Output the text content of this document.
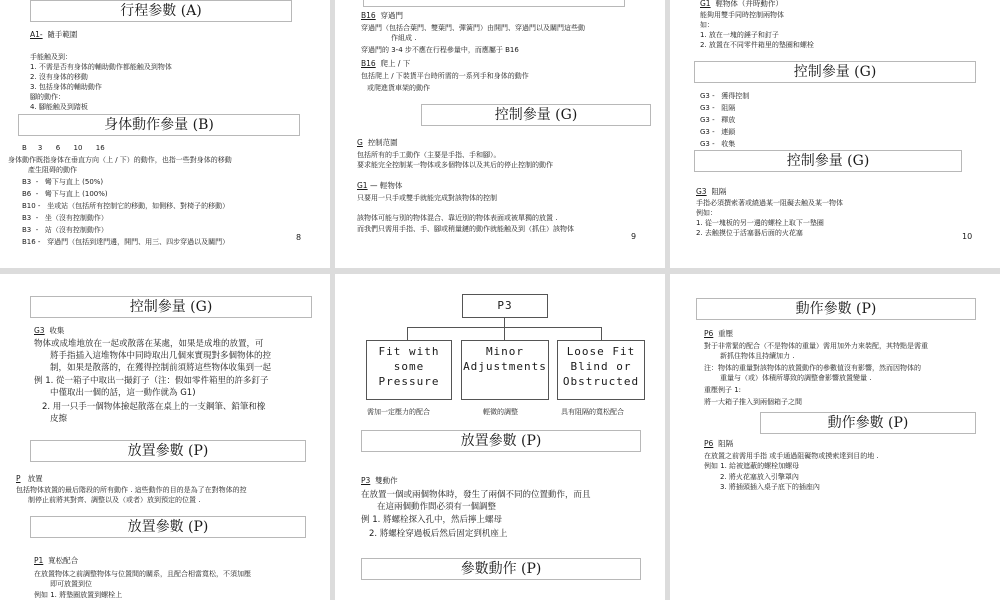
行程参數 (A)
A1- 隨手範圍
手能触及到：
1. 不需是否有身体的輔助動作都能触及到物体
2. 沒有身体的移動
3. 包括身体的輔助動作
腳的動作：
4. 腳能触及到踏板
身体動作參量 (B)
B     3      6      10      16
身体動作既指身体在垂直方向（上 / 下）的動作，也指一些對身体的移動
產生阻碍的動作
B3  -   彎下与直上 (50%)
B6  -   彎下与直上 (100%)
B10 -   坐或站（包括所有控制它的移動，如側移、對椅子的移動）
B3  -   坐（沒有控制動作）
B3  -   站（沒有控制動作）
B16 -   穿過門（包括到達門邊，開門、用三、四步穿過以及關門）	8
B16 穿過門
穿過門（包括合葉門、雙葉門、彈簧門）由開門、穿過門以及關門這些動
作組成 .
穿過門的 3-4 步不應在行程參量中，而應屬于 B16
B16 爬上 / 下
包括爬上 / 下裝貨平台時所需的一系列手和身体的動作
或爬進貨車架的動作
控制參量 (G)
G 控制范圍
包括所有的手工動作（主要是手指、手和腳）。
要求能完全控制某一物体或多個物体以及其后的停止控制的動作
G1 — 輕物体
只要用一只手或雙手就能完成對該物体的控制
該物体可能与別的物体混合、靠近別的物体表面或被單獨的放置 .
而我們只需用手指、手、腳或稍量鏈的動作就能触及到（抓住）該物体
9
G1 輕物体（并時動作）
能夠用雙手同時控制兩物体
如：
1. 放在一塊的錘子和釘子
2. 放置在不同零件箱里的墊圈和螺栓
控制參量 (G)
G3 -   獲得控制
G3 -   阻隔
G3 -   釋放
G3 -   連鎖
G3 -   收集
控制參量 (G)
G3 阻隔
手指必須撰索著或繞過某一阻礙去触及某一物体
例如：
1. 從一塊板的另一邊的螺栓上取下一墊圈
2. 去触摸位于活塞器后面的火花塞	10
控制參量 (G)
G3 收集
物体或成堆地放在一起或散落在某處，如果是成堆的放置，可
將手指插入這堆物体中同時取出几個來實現對多個物体的控
制，如果是散落的，在獲得控制前須將這些物体收集到一起
例 1. 從一箱子中取出一撮釘子（注：假如零件箱里的許多釘子
中僅取出一個的話，這一動作就為 G1)
2. 用一只手一個物体撿起散落在桌上的一支鋼筆、鉛筆和橡
皮擦
放置參數 (P)
P 放置
包括物体放置的最后階段的所有動作 . 這些動作的目的是為了在對物体的控
制停止前將其對齊、調整以及（或者）放到預定的位置 .
放置參數 (P)
P1 寬松配合
在放置物体之前調整物体与位置間的關系，且配合相當寬松，不須加壓
即可放置到位
例如 1. 將墊圈放置到螺栓上
P3
Fit with some
Pressure
Minor
Adjustments
Loose Fit
Blind or
Obstructed
需加一定壓力的配合	輕微的調整	具有阻隔的寬松配合
放置參數 (P)
P3 雙動作
在放置一個或兩個物体時，發生了兩個不同的位置動作，而且
在這兩個動作間必須有一個調整
例 1. 將螺栓探入孔中，然后擰上螺母
2. 將螺栓穿過板后然后固定到机座上
參數動作 (P)
動作參數 (P)
P6 重壓
對于非常緊的配合（不是物体的重量）需用加外力來裝配，其特點是需重
新抓住物体且持續加力 .
注：物体的重量對該物体的放置動作的參數值沒有影響，然而因物体的
重量与（或）体積所導致的調整會影響放置變量 .
重壓例子 1:
將一大箱子推入到兩個箱子之間
動作參數 (P)
P6 阻隔
在放置之前需用手指 或手通過阻礙物或摸索達到目的地 .
例如 1. 給被遮蔽的螺栓加螺母
2. 將火花塞放入引擎罩內
3. 將插頭插入桌子底下的插座內
